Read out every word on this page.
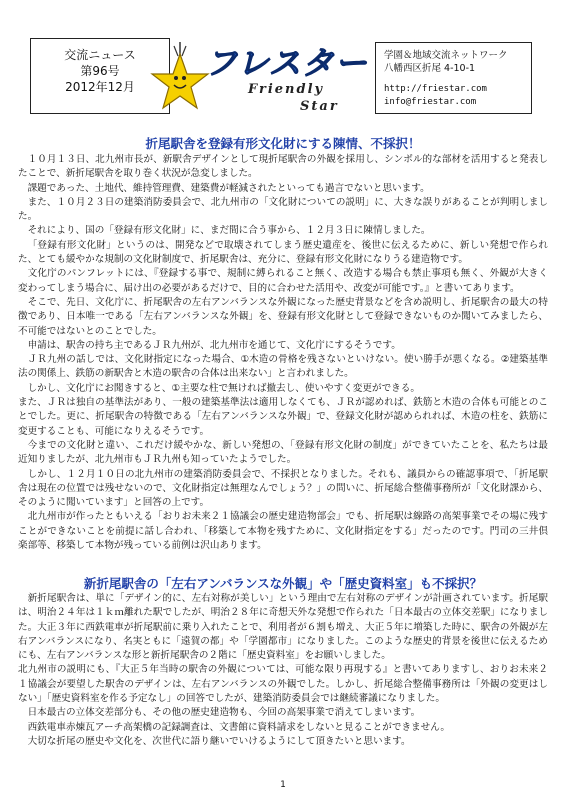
交流ニュース
第96号
2012年12月
フレスター
Friendly
Star
学園＆地域交流ネットワーク
八幡西区折尾 4-10-1
http://friestar.com
info@friestar.com
折尾駅舎を登録有形文化財にする陳情、不採択！

１０月１３日、北九州市長が、新駅舎デザインとして現折尾駅舎の外観を採用し、シンボル的な部材を活用すると発表したことで、新折尾駅舎を取り巻く状況が急変しました。

課題であった、土地代、維持管理費、建築費が軽減されたといっても過言でないと思います。

また、１０月２３日の建築消防委員会で、北九州市の「文化財についての説明」に、大きな誤りがあることが判明しました。

それにより、国の「登録有形文化財」に、まだ間に合う事から、１２月３日に陳情しました。

「登録有形文化財」というのは、開発などで取壊されてしまう歴史遺産を、後世に伝えるために、新しい発想で作られた、とても緩やかな規制の文化財制度で、折尾駅舎は、充分に、登録有形文化財になりうる建造物です。

文化庁のパンフレットには、『登録する事で、規制に縛られること無く、改造する場合も禁止事項も無く、外観が大きく変わってしまう場合に、届け出の必要があるだけで、目的に合わせた活用や、改変が可能です。』と書いてあります。

そこで、先日、文化庁に、折尾駅舎の左右アンバランスな外観になった歴史背景などを含め説明し、折尾駅舎の最大の特徴であり、日本唯一である「左右アンバランスな外観」を、登録有形文化財として登録できないものか聞いてみましたら、不可能ではないとのことでした。

申請は、駅舎の持ち主であるＪＲ九州が、北九州市を通じて、文化庁にするそうです。

ＪＲ九州の話しでは、文化財指定になった場合、①木造の骨格を残さないといけない。使い勝手が悪くなる。②建築基準法の関係上、鉄筋の新駅舎と木造の駅舎の合体は出来ない」と言われました。

しかし、文化庁にお聞きすると、①主要な柱で無ければ撤去し、使いやすく変更ができる。

また、ＪＲは独自の基準法があり、一般の建築基準法は適用しなくても、ＪＲが認めれば、鉄筋と木造の合体も可能とのことでした。更に、折尾駅舎の特徴である「左右アンバランスな外観」で、登録文化財が認められれば、木造の柱を、鉄筋に変更することも、可能になりえるそうです。

今までの文化財と違い、これだけ緩やかな、新しい発想の、「登録有形文化財の制度」ができていたことを、私たちは最近知りましたが、北九州市もＪＲ九州も知っていたようでした。

しかし、１２月１０日の北九州市の建築消防委員会で、不採択となりました。それも、議員からの確認事項で、「折尾駅舎は現在の位置では残せないので、文化財指定は無理なんでしょう？」の問いに、折尾総合整備事務所が「文化財課から、そのように聞いています」と回答の上です。

北九州市が作ったともいえる「おりお未来２１協議会の歴史建造物部会」でも、折尾駅は線路の高架事業でその場に残すことができないことを前提に話し合われ、「移築して本物を残すために、文化財指定をする」だったのです。門司の三井倶楽部等、移築して本物が残っている前例は沢山あります。

新折尾駅舎の「左右アンバランスな外観」や「歴史資料室」も不採択？

新折尾駅舎は、単に「デザイン的に、左右対称が美しい」という理由で左右対称のデザインが計画されています。折尾駅は、明治２４年は１ｋｍ離れた駅でしたが、明治２８年に奇想天外な発想で作られた「日本最古の立体交差駅」になりました。大正３年に西鉄電車が折尾駅前に乗り入れたことで、利用者が６割も増え、大正５年に増築した時に、駅舎の外観が左右アンバランスになり、名実ともに「遠賀の都」や「学園都市」になりました。このような歴史的背景を後世に伝えるためにも、左右アンバランスな形と新折尾駅舎の２階に「歴史資料室」をお願いしました。

北九州市の説明にも、『大正５年当時の駅舎の外観については、可能な限り再現する』と書いてありますし、おりお未来２１協議会が要望した駅舎のデザインは、左右アンバランスの外観でした。しかし、折尾総合整備事務所は「外観の変更はしない」「歴史資料室を作る予定なし」の回答でしたが、建築消防委員会では継続審議になりました。

日本最古の立体交差部分も、その他の歴史建造物も、今回の高架事業で消えてしまいます。

西鉄電車赤煉瓦アーチ高架橋の記録調査は、文書館に資料請求をしないと見ることができません。

大切な折尾の歴史や文化を、次世代に語り継いでいけるようにして頂きたいと思います。

1
